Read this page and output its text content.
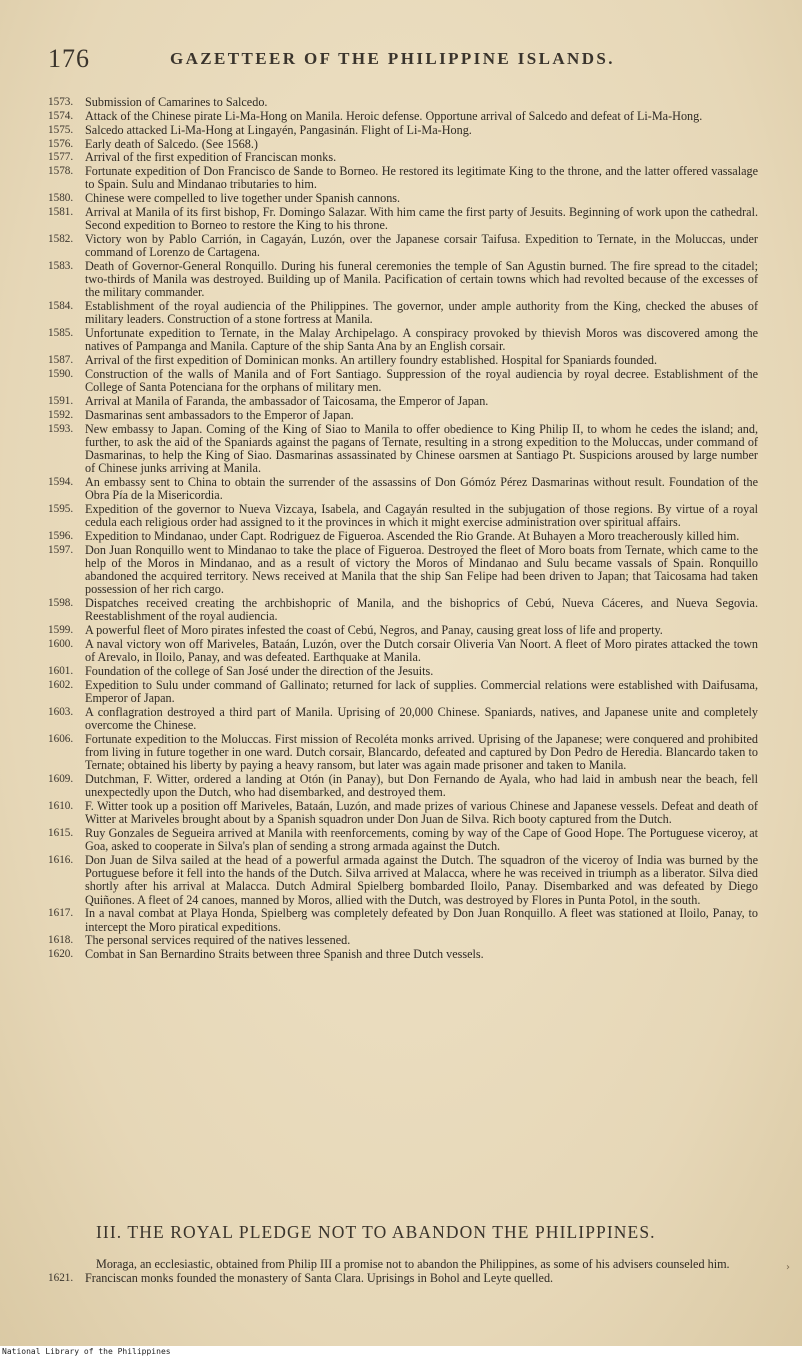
176	GAZETTEER OF THE PHILIPPINE ISLANDS.
1573. Submission of Camarines to Salcedo.
1574. Attack of the Chinese pirate Li-Ma-Hong on Manila. Heroic defense. Opportune arrival of Salcedo and defeat of Li-Ma-Hong.
1575. Salcedo attacked Li-Ma-Hong at Lingayén, Pangasinán. Flight of Li-Ma-Hong.
1576. Early death of Salcedo. (See 1568.)
1577. Arrival of the first expedition of Franciscan monks.
1578. Fortunate expedition of Don Francisco de Sande to Borneo. He restored its legitimate King to the throne, and the latter offered vassalage to Spain. Sulu and Mindanao tributaries to him.
1580. Chinese were compelled to live together under Spanish cannons.
1581. Arrival at Manila of its first bishop, Fr. Domingo Salazar. With him came the first party of Jesuits. Beginning of work upon the cathedral. Second expedition to Borneo to restore the King to his throne.
1582. Victory won by Pablo Carrión, in Cagayán, Luzón, over the Japanese corsair Taifusa. Expedition to Ternate, in the Moluccas, under command of Lorenzo de Cartagena.
1583. Death of Governor-General Ronquillo. During his funeral ceremonies the temple of San Agustin burned. The fire spread to the citadel; two-thirds of Manila was destroyed. Building up of Manila. Pacification of certain towns which had revolted because of the excesses of the military commander.
1584. Establishment of the royal audiencia of the Philippines. The governor, under ample authority from the King, checked the abuses of military leaders. Construction of a stone fortress at Manila.
1585. Unfortunate expedition to Ternate, in the Malay Archipelago. A conspiracy provoked by thievish Moros was discovered among the natives of Pampanga and Manila. Capture of the ship Santa Ana by an English corsair.
1587. Arrival of the first expedition of Dominican monks. An artillery foundry established. Hospital for Spaniards founded.
1590. Construction of the walls of Manila and of Fort Santiago. Suppression of the royal audiencia by royal decree. Establishment of the College of Santa Potenciana for the orphans of military men.
1591. Arrival at Manila of Faranda, the ambassador of Taicosama, the Emperor of Japan.
1592. Dasmarinas sent ambassadors to the Emperor of Japan.
1593. New embassy to Japan. Coming of the King of Siao to Manila to offer obedience to King Philip II, to whom he cedes the island; and, further, to ask the aid of the Spaniards against the pagans of Ternate, resulting in a strong expedition to the Moluccas, under command of Dasmarinas, to help the King of Siao. Dasmarinas assassinated by Chinese oarsmen at Santiago Pt. Suspicions aroused by large number of Chinese junks arriving at Manila.
1594. An embassy sent to China to obtain the surrender of the assassins of Don Gómóz Pérez Dasmarinas without result. Foundation of the Obra Pía de la Misericordia.
1595. Expedition of the governor to Nueva Vizcaya, Isabela, and Cagayán resulted in the subjugation of those regions. By virtue of a royal cedula each religious order had assigned to it the provinces in which it might exercise administration over spiritual affairs.
1596. Expedition to Mindanao, under Capt. Rodriguez de Figueroa. Ascended the Rio Grande. At Buhayen a Moro treacherously killed him.
1597. Don Juan Ronquillo went to Mindanao to take the place of Figueroa. Destroyed the fleet of Moro boats from Ternate, which came to the help of the Moros in Mindanao, and as a result of victory the Moros of Mindanao and Sulu became vassals of Spain. Ronquillo abandoned the acquired territory. News received at Manila that the ship San Felipe had been driven to Japan; that Taicosama had taken possession of her rich cargo.
1598. Dispatches received creating the archbishopric of Manila, and the bishoprics of Cebú, Nueva Cáceres, and Nueva Segovia. Reestablishment of the royal audiencia.
1599. A powerful fleet of Moro pirates infested the coast of Cebú, Negros, and Panay, causing great loss of life and property.
1600. A naval victory won off Mariveles, Bataán, Luzón, over the Dutch corsair Oliveria Van Noort. A fleet of Moro pirates attacked the town of Arevalo, in Iloilo, Panay, and was defeated. Earthquake at Manila.
1601. Foundation of the college of San José under the direction of the Jesuits.
1602. Expedition to Sulu under command of Gallinato; returned for lack of supplies. Commercial relations were established with Daifusama, Emperor of Japan.
1603. A conflagration destroyed a third part of Manila. Uprising of 20,000 Chinese. Spaniards, natives, and Japanese unite and completely overcome the Chinese.
1606. Fortunate expedition to the Moluccas. First mission of Recoléta monks arrived. Uprising of the Japanese; were conquered and prohibited from living in future together in one ward. Dutch corsair, Blancardo, defeated and captured by Don Pedro de Heredia. Blancardo taken to Ternate; obtained his liberty by paying a heavy ransom, but later was again made prisoner and taken to Manila.
1609. Dutchman, F. Witter, ordered a landing at Otón (in Panay), but Don Fernando de Ayala, who had laid in ambush near the beach, fell unexpectedly upon the Dutch, who had disembarked, and destroyed them.
1610. F. Witter took up a position off Mariveles, Bataán, Luzón, and made prizes of various Chinese and Japanese vessels. Defeat and death of Witter at Mariveles brought about by a Spanish squadron under Don Juan de Silva. Rich booty captured from the Dutch.
1615. Ruy Gonzales de Segueira arrived at Manila with reenforcements, coming by way of the Cape of Good Hope. The Portuguese viceroy, at Goa, asked to cooperate in Silva's plan of sending a strong armada against the Dutch.
1616. Don Juan de Silva sailed at the head of a powerful armada against the Dutch. The squadron of the viceroy of India was burned by the Portuguese before it fell into the hands of the Dutch. Silva arrived at Malacca, where he was received in triumph as a liberator. Silva died shortly after his arrival at Malacca. Dutch Admiral Spielberg bombarded Iloilo, Panay. Disembarked and was defeated by Diego Quiñones. A fleet of 24 canoes, manned by Moros, allied with the Dutch, was destroyed by Flores in Punta Potol, in the south.
1617. In a naval combat at Playa Honda, Spielberg was completely defeated by Don Juan Ronquillo. A fleet was stationed at Iloilo, Panay, to intercept the Moro piratical expeditions.
1618. The personal services required of the natives lessened.
1620. Combat in San Bernardino Straits between three Spanish and three Dutch vessels.
III. THE ROYAL PLEDGE NOT TO ABANDON THE PHILIPPINES.
Moraga, an ecclesiastic, obtained from Philip III a promise not to abandon the Philippines, as some of his advisers counseled him.
1621. Franciscan monks founded the monastery of Santa Clara. Uprisings in Bohol and Leyte quelled.
›
National Library of the Philippines
